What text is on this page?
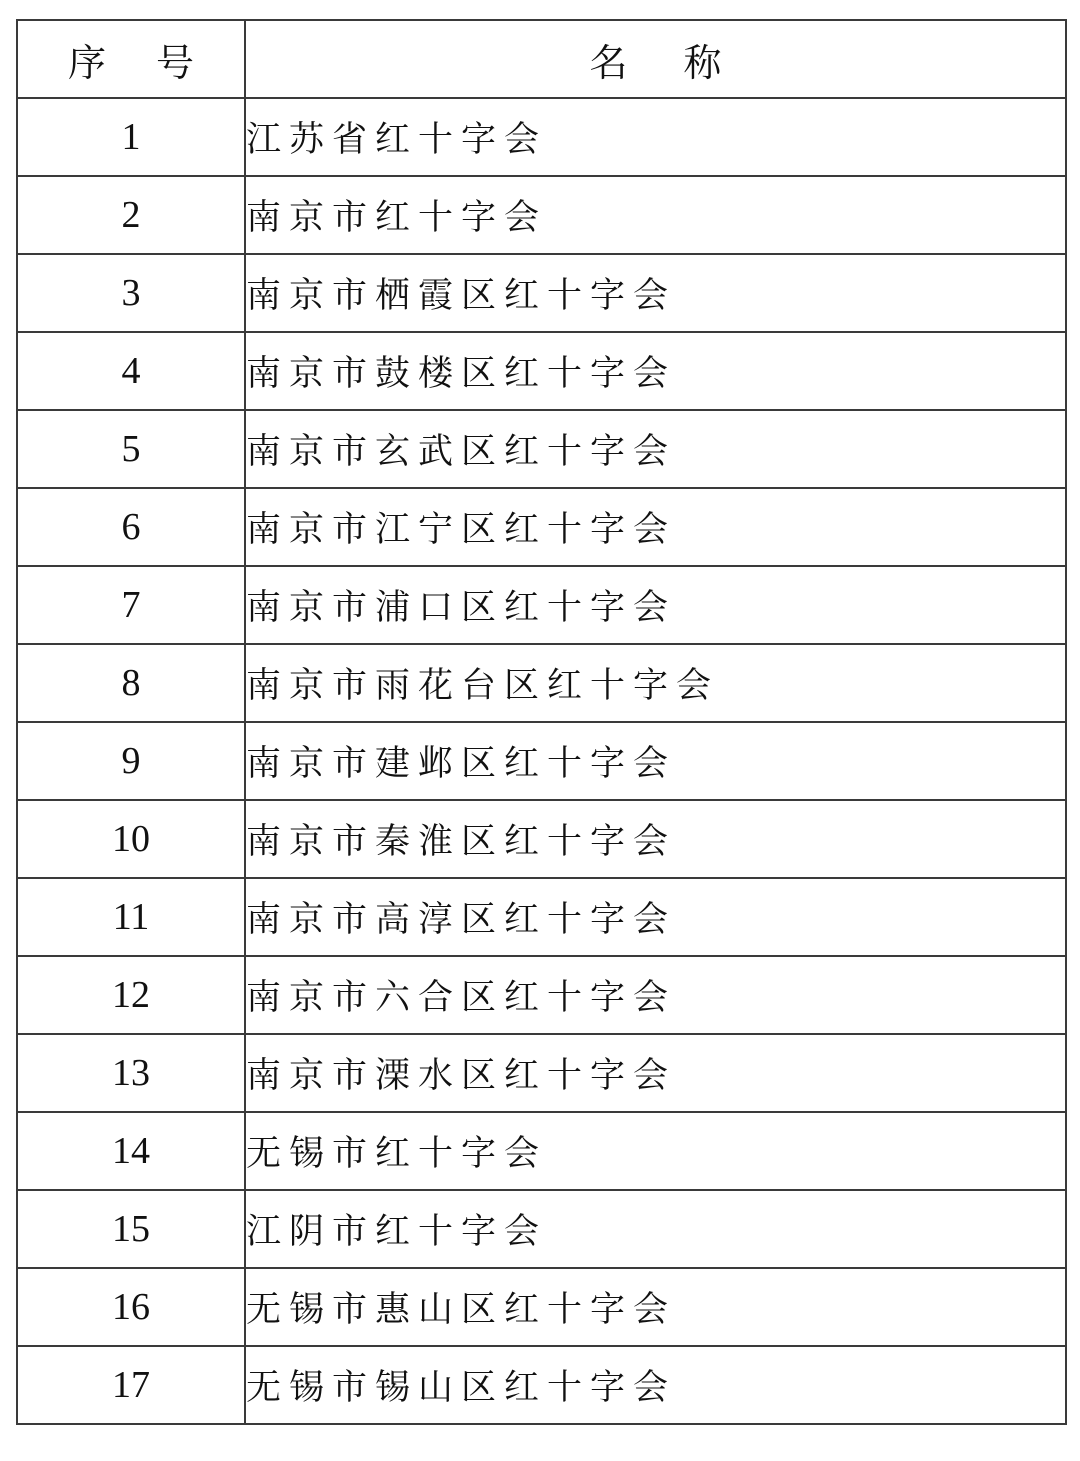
序 号	名 称
1	江苏省红十字会
2	南京市红十字会
3	南京市栖霞区红十字会
4	南京市鼓楼区红十字会
5	南京市玄武区红十字会
6	南京市江宁区红十字会
7	南京市浦口区红十字会
8	南京市雨花台区红十字会
9	南京市建邺区红十字会
10	南京市秦淮区红十字会
11	南京市高淳区红十字会
12	南京市六合区红十字会
13	南京市溧水区红十字会
14	无锡市红十字会
15	江阴市红十字会
16	无锡市惠山区红十字会
17	无锡市锡山区红十字会
